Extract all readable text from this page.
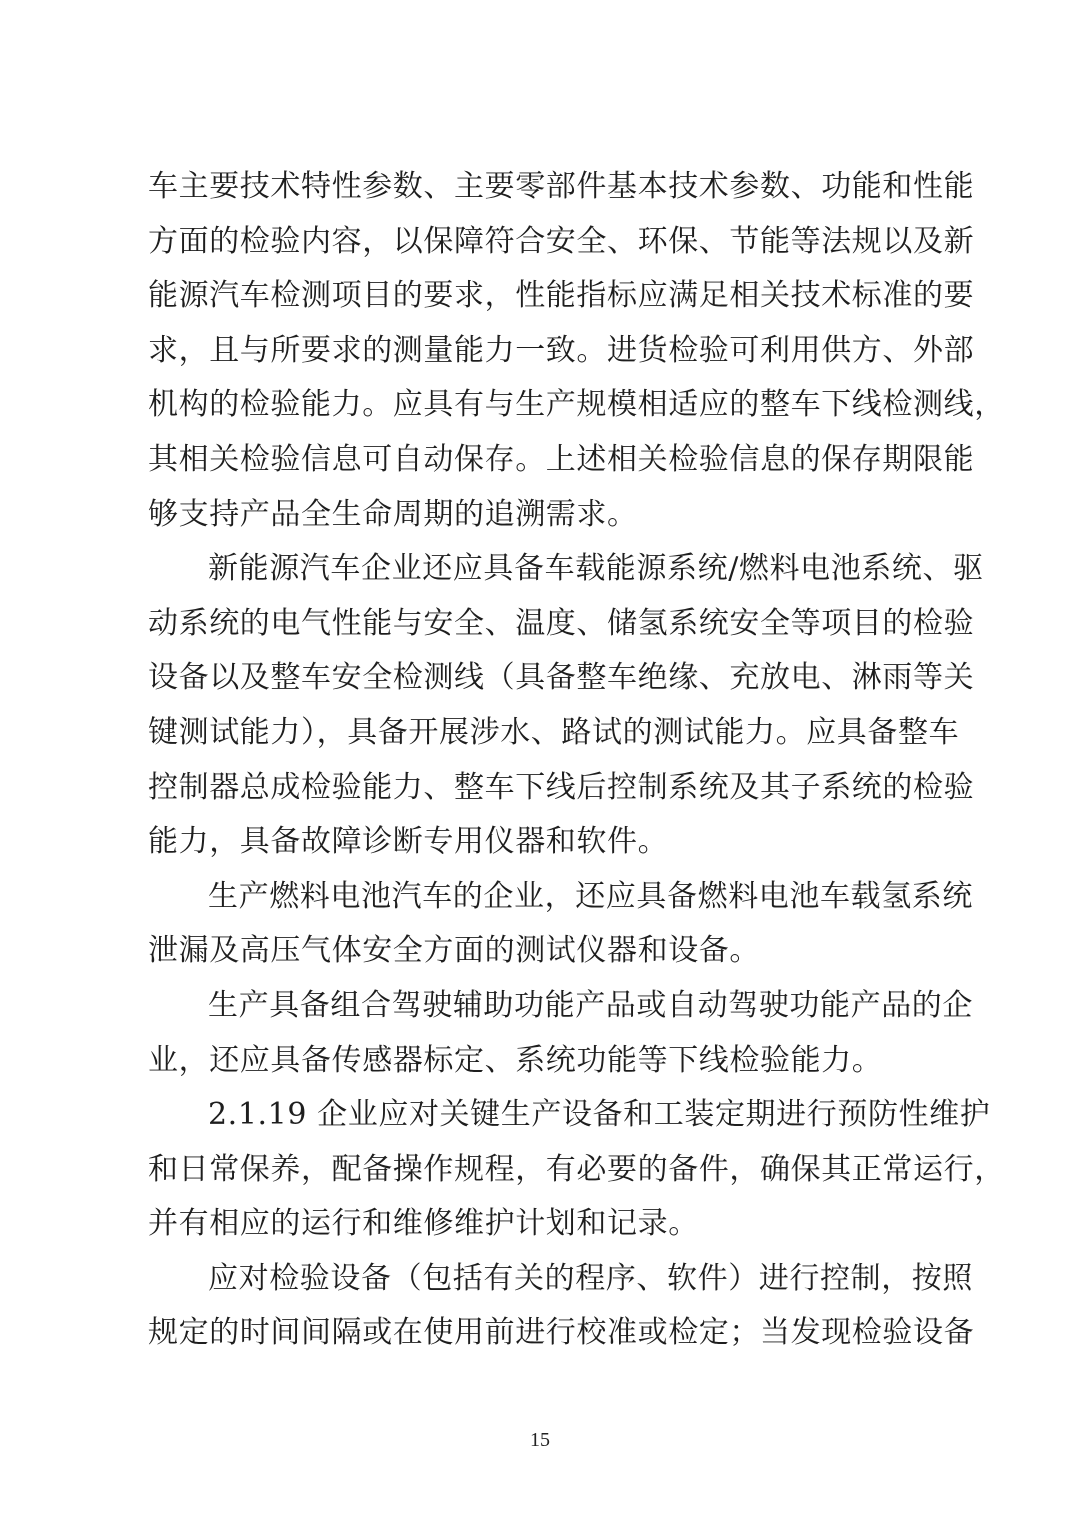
车主要技术特性参数、主要零部件基本技术参数、功能和性能
方面的检验内容，以保障符合安全、环保、节能等法规以及新
能源汽车检测项目的要求，性能指标应满足相关技术标准的要
求，且与所要求的测量能力一致。进货检验可利用供方、外部
机构的检验能力。应具有与生产规模相适应的整车下线检测线，
其相关检验信息可自动保存。上述相关检验信息的保存期限能
够支持产品全生命周期的追溯需求。
新能源汽车企业还应具备车载能源系统/燃料电池系统、驱
动系统的电气性能与安全、温度、储氢系统安全等项目的检验
设备以及整车安全检测线（具备整车绝缘、充放电、淋雨等关
键测试能力），具备开展涉水、路试的测试能力。应具备整车
控制器总成检验能力、整车下线后控制系统及其子系统的检验
能力，具备故障诊断专用仪器和软件。
生产燃料电池汽车的企业，还应具备燃料电池车载氢系统
泄漏及高压气体安全方面的测试仪器和设备。
生产具备组合驾驶辅助功能产品或自动驾驶功能产品的企
业，还应具备传感器标定、系统功能等下线检验能力。
2.1.19 企业应对关键生产设备和工装定期进行预防性维护
和日常保养，配备操作规程，有必要的备件，确保其正常运行，
并有相应的运行和维修维护计划和记录。
应对检验设备（包括有关的程序、软件）进行控制，按照
规定的时间间隔或在使用前进行校准或检定；当发现检验设备
15
